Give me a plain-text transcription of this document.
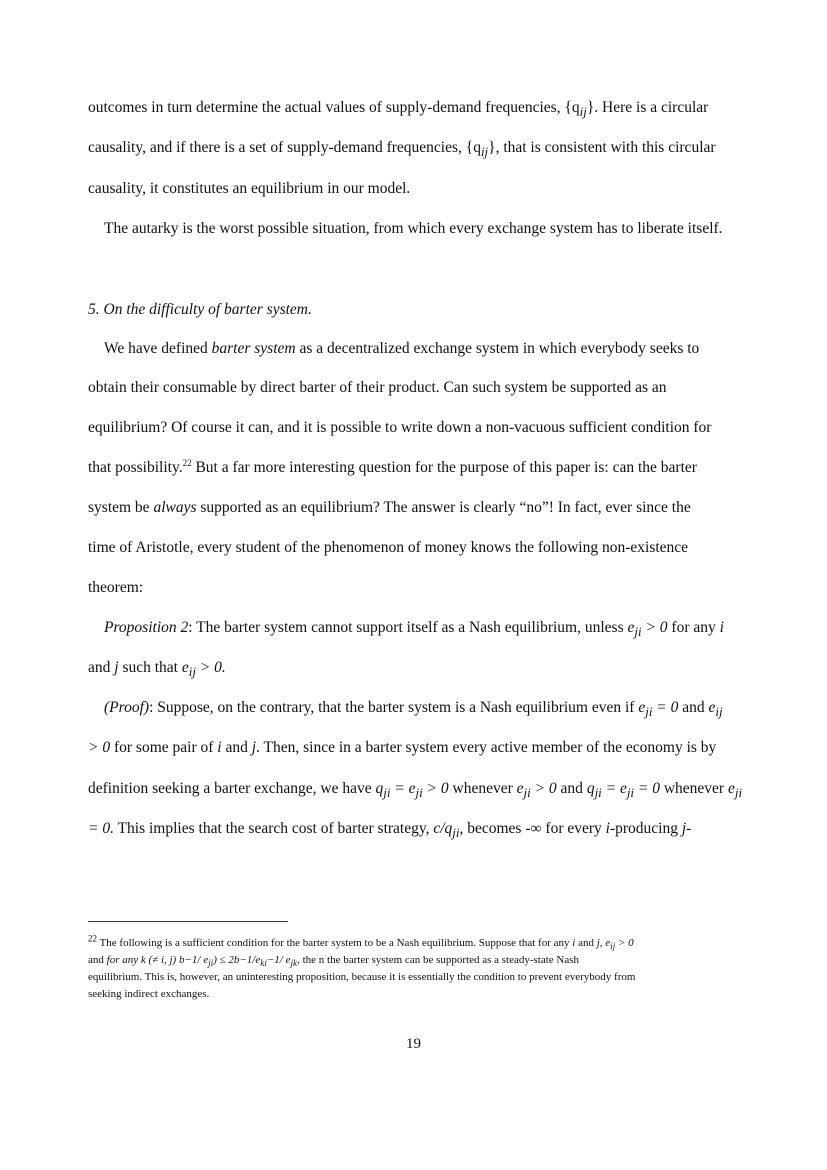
outcomes in turn determine the actual values of supply-demand frequencies, $\{q_{ij}\}$. Here is a circular
causality, and if there is a set of supply-demand frequencies, $\{q_{ij}\}$, that is consistent with this circular
causality, it constitutes an equilibrium in our model.
The autarky is the worst possible situation, from which every exchange system has to liberate itself.
5. On the difficulty of barter system.
We have defined barter system as a decentralized exchange system in which everybody seeks to
obtain their consumable by direct barter of their product. Can such system be supported as an
equilibrium? Of course it can, and it is possible to write down a non-vacuous sufficient condition for
that possibility.$^{22}$ But a far more interesting question for the purpose of this paper is: can the barter
system be always supported as an equilibrium? The answer is clearly “no”! In fact, ever since the
time of Aristotle, every student of the phenomenon of money knows the following non-existence
theorem:
Proposition 2: The barter system cannot support itself as a Nash equilibrium, unless $e_{ji} > 0$ for any i
and j such that $e_{ij} > 0$.
(Proof): Suppose, on the contrary, that the barter system is a Nash equilibrium even if $e_{ji} = 0$ and $e_{ij}$
> 0 for some pair of i and j. Then, since in a barter system every active member of the economy is by
definition seeking a barter exchange, we have $q_{ji} = e_{ji} > 0$ whenever $e_{ji} > 0$ and $q_{ji} = e_{ji} = 0$ whenever $e_{ji}$
= 0. This implies that the search cost of barter strategy, $c/q_{ji}$, becomes -∞ for every i-producing j-
$^{22}$ The following is a sufficient condition for the barter system to be a Nash equilibrium. Suppose that for any i and j, $e_{ij} > 0$
and for any k (≠ i, j) b−1/ $e_{ji}) \le 2b-1/e_{ki}-1/$ $e_{jk}$, the n the barter system can be supported as a steady-state Nash
equilibrium. This is, however, an uninteresting proposition, because it is essentially the condition to prevent everybody from
seeking indirect exchanges.
19
